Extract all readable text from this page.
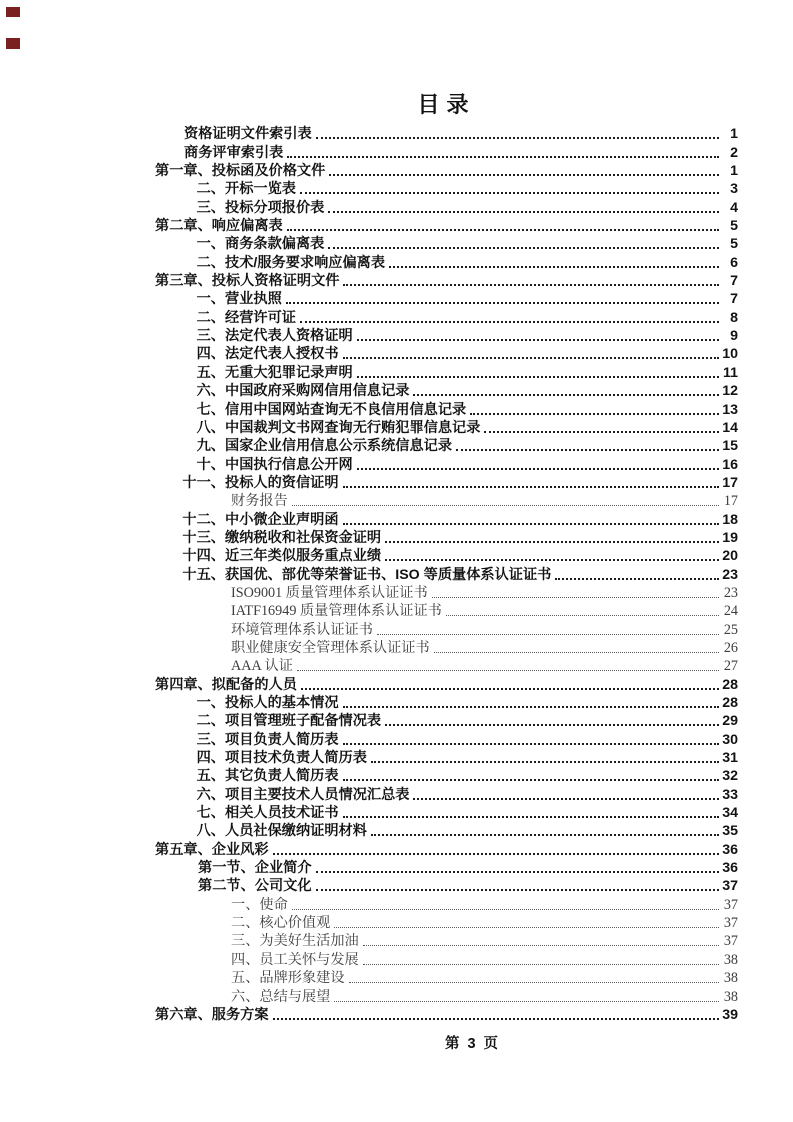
目录
资格证明文件索引表	1
商务评审索引表	2
第一章、投标函及价格文件	1
二、 开标一览表	3
三、 投标分项报价表	4
第二章、响应偏离表	5
一、 商务条款偏离表	5
二、 技术/服务要求响应偏离表	6
第三章、投标人资格证明文件	7
一、 营业执照	7
二、 经营许可证	8
三、 法定代表人资格证明	9
四、 法定代表人授权书	10
五、 无重大犯罪记录声明	11
六、 中国政府采购网信用信息记录	12
七、 信用中国网站查询无不良信用信息记录	13
八、 中国裁判文书网查询无行贿犯罪信息记录	14
九、 国家企业信用信息公示系统信息记录	15
十、 中国执行信息公开网	16
十一、 投标人的资信证明	17
财务报告	17
十二、 中小微企业声明函	18
十三、 缴纳税收和社保资金证明	19
十四、 近三年类似服务重点业绩	20
十五、 获国优、部优等荣誉证书、ISO 等质量体系认证证书	23
ISO9001 质量管理体系认证证书	23
IATF16949 质量管理体系认证证书	24
环境管理体系认证证书	25
职业健康安全管理体系认证证书	26
AAA 认证	27
第四章、拟配备的人员	28
一、 投标人的基本情况	28
二、 项目管理班子配备情况表	29
三、 项目负责人简历表	30
四、 项目技术负责人简历表	31
五、 其它负责人简历表	32
六、 项目主要技术人员情况汇总表	33
七、 相关人员技术证书	34
八、 人员社保缴纳证明材料	35
第五章、企业风彩	36
第一节、企业简介	36
第二节、公司文化	37
一、使命	37
二、核心价值观	37
三、为美好生活加油	37
四、员工关怀与发展	38
五、品牌形象建设	38
六、总结与展望	38
第六章、服务方案	39
第 3 页
